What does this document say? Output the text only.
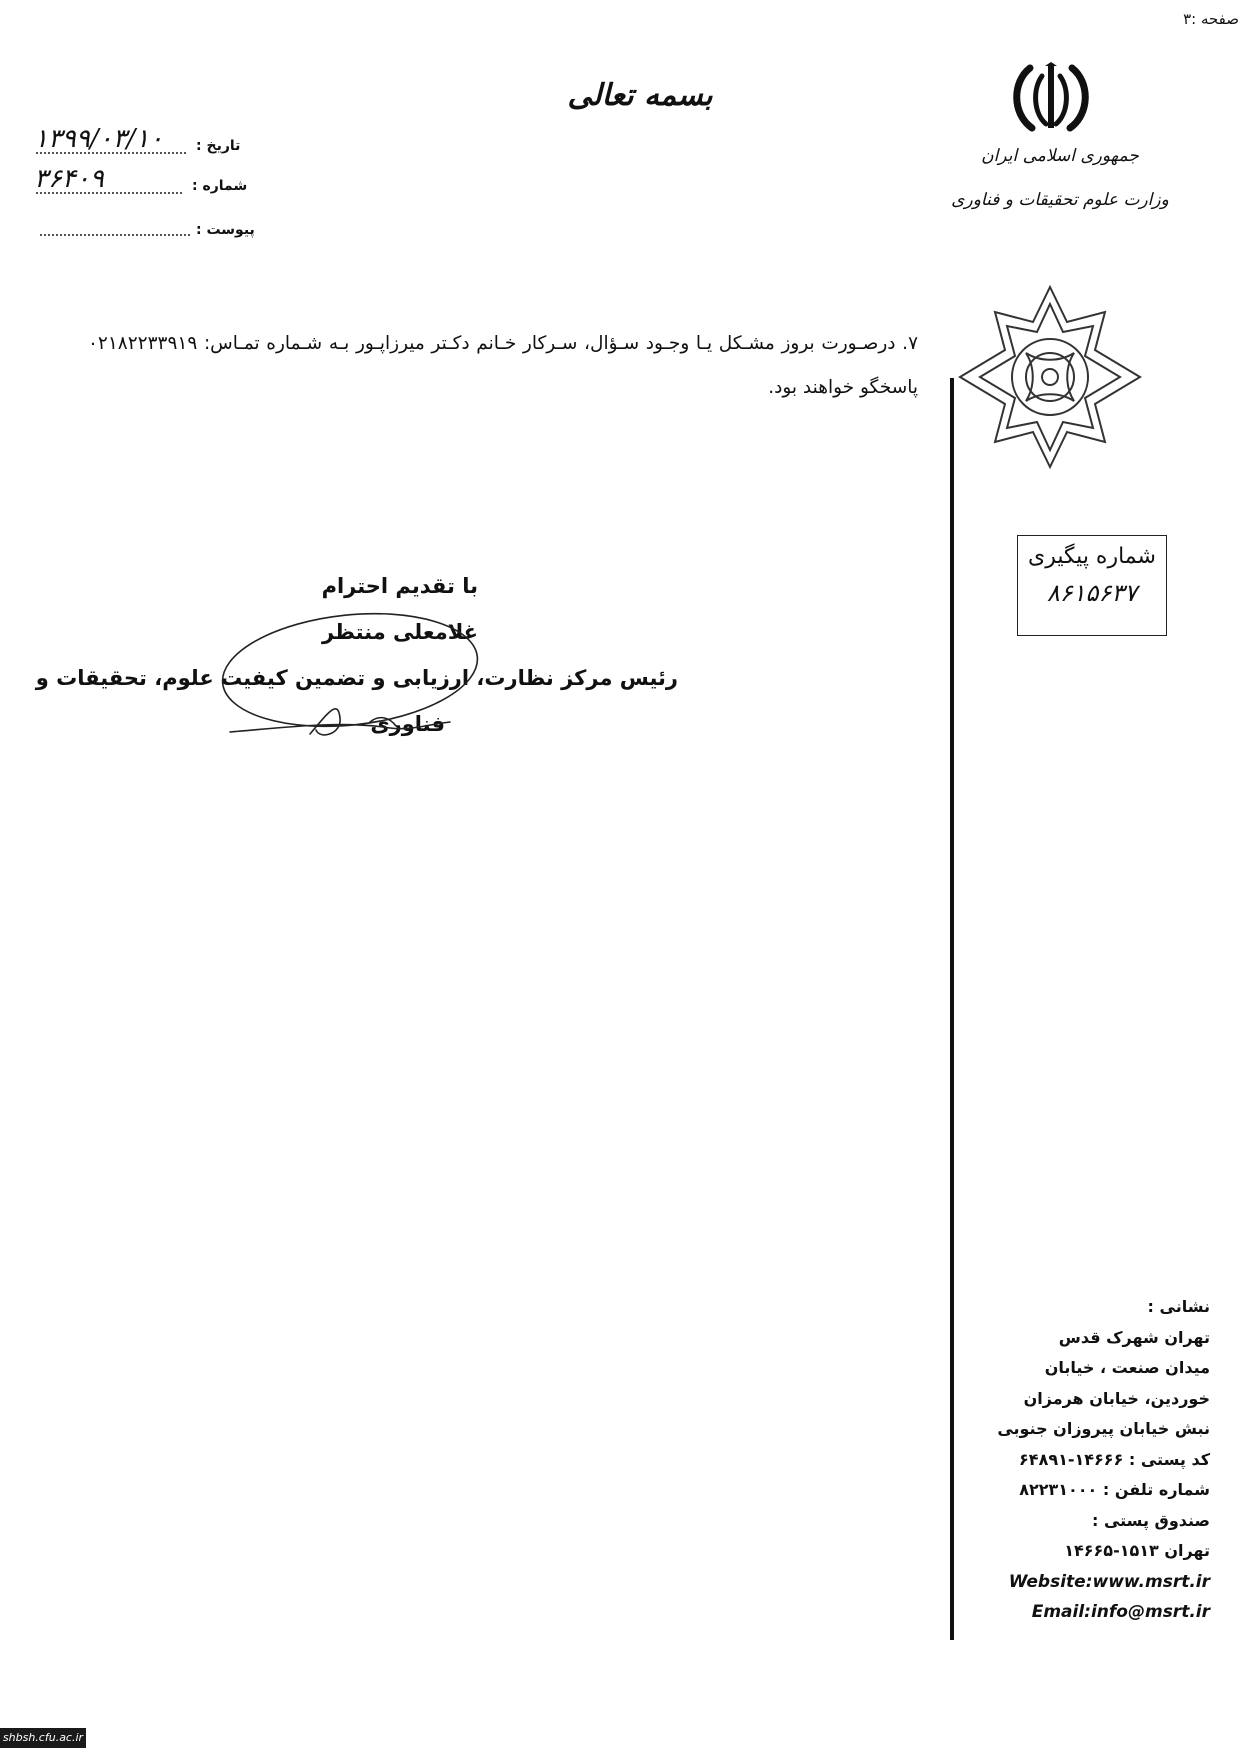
صفحه :۳
بسمه تعالی
جمهوری اسلامی ایران
وزارت علوم تحقیقات و فناوری
تاریخ :
۱۳۹۹/۰۳/۱۰
شماره :
۳۶۴۰۹
پیوست :
۷. درصـورت بروز مشـکل یـا وجـود سـؤال، سـرکار خـانم دکـتر میرزاپـور بـه شـماره تمـاس: ۰۲۱۸۲۲۳۳۹۱۹ پاسخگو خواهند بود.
شماره پیگیری
۸۶۱۵۶۳۷
با تقدیم احترام
غلامعلی منتظر
رئیس مرکز نظارت، ارزیابی و تضمین کیفیت علوم، تحقیقات و
فناوری
نشانی :
تهران شهرک قدس
میدان صنعت ، خیابان
خوردین، خیابان هرمزان
نبش خیابان پیروزان جنوبی
کد پستی : ۱۴۶۶۶-۶۴۸۹۱
شماره تلفن : ۸۲۲۳۱۰۰۰
صندوق پستی :
تهران ۱۵۱۳-۱۴۶۶۵
Website:www.msrt.ir
Email:info@msrt.ir
shbsh.cfu.ac.ir
